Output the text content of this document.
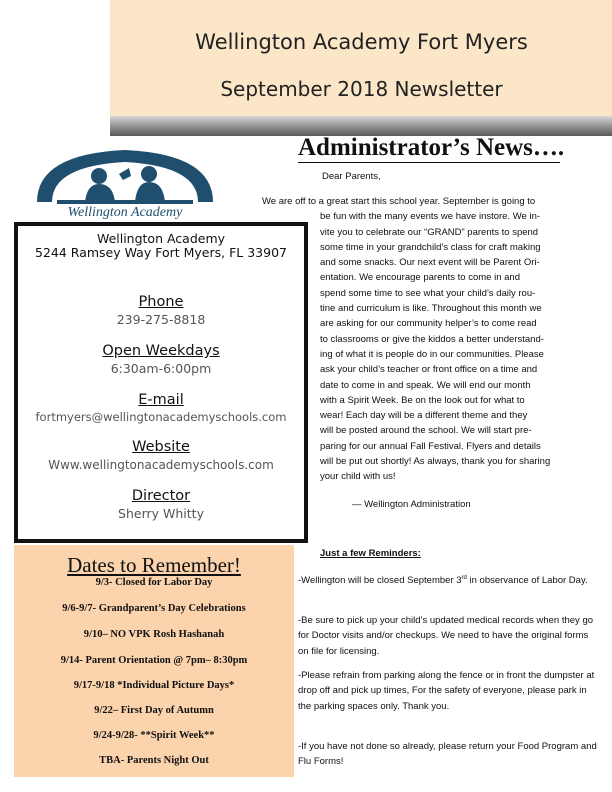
Wellington Academy Fort Myers
September 2018 Newsletter
Wellington Academy
Administrator’s News….

Dear Parents,

We are off to a great start this school year. September is going to
be fun with the many events we have instore. We in-
vite you to celebrate our “GRAND” parents to spend
some time in your grandchild’s class for craft making
and some snacks. Our next event will be Parent Ori-
entation. We encourage parents to come in and
spend some time to see what your child’s daily rou-
tine and curriculum is like. Throughout this month we
are asking for our community helper’s to come read
to classrooms or give the kiddos a better understand-
ing of what it is people do in our communities. Please
ask your child’s teacher or front office on a time and
date to come in and speak. We will end our month
with a Spirit Week. Be on the look out for what to
wear! Each day will be a different theme and they
will be posted around the school. We will start pre-
paring for our annual Fall Festival. Flyers and details
will be put out shortly! As always, thank you for sharing
your child with us!

— Wellington Administration

Wellington Academy
5244 Ramsey Way Fort Myers, FL 33907
Phone
239-275-8818
Open Weekdays
6:30am-6:00pm
E-mail
fortmyers@wellingtonacademyschools.com
Website
Www.wellingtonacademyschools.com
Director
Sherry Whitty
Dates to Remember!
9/3- Closed for Labor Day
9/6-9/7- Grandparent’s Day Celebrations
9/10– NO VPK Rosh Hashanah
9/14- Parent Orientation @ 7pm– 8:30pm
9/17-9/18 *Individual Picture Days*
9/22– First Day of Autumn
9/24-9/28- **Spirit Week**
TBA- Parents Night Out

Just a few Reminders:

-Wellington will be closed September 3rd in observance of Labor Day.

-Be sure to pick up your child’s updated medical records when they go for Doctor visits and/or checkups. We need to have the original forms on file for licensing.

-Please refrain from parking along the fence or in front the dumpster at drop off and pick up times, For the safety of everyone, please park in the parking spaces only. Thank you.

-If you have not done so already, please return your Food Program and Flu Forms!
